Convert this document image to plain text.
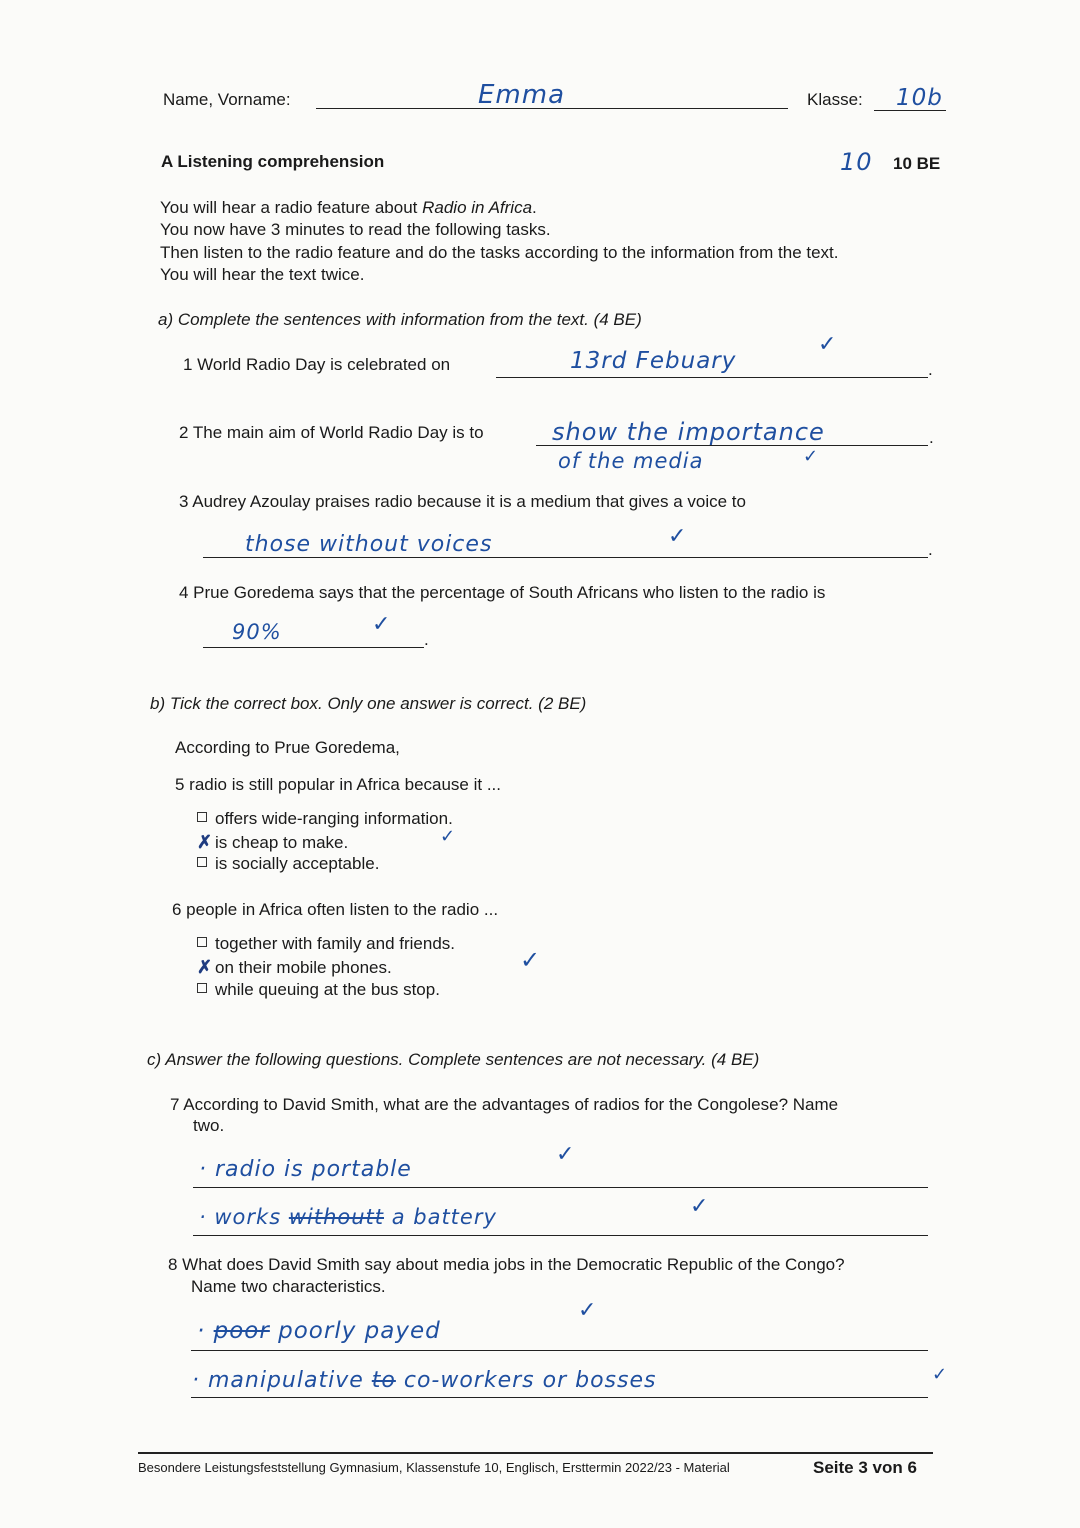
Name, Vorname:	Emma	Klasse: 10b
A Listening comprehension	10 10 BE
You will hear a radio feature about Radio in Africa.
You now have 3 minutes to read the following tasks.
Then listen to the radio feature and do the tasks according to the information from the text.
You will hear the text twice.
a) Complete the sentences with information from the text. (4 BE)
1 World Radio Day is celebrated on	13rd Febuary
✓
.
2 The main aim of World Radio Day is to	show the importance
of the media	✓
.
3 Audrey Azoulay praises radio because it is a medium that gives a voice to
those without voices	✓
.
4 Prue Goredema says that the percentage of South Africans who listen to the radio is
90%	✓
.
b) Tick the correct box. Only one answer is correct. (2 BE)
According to Prue Goredema,
5 radio is still popular in Africa because it ...
offers wide-ranging information.
✗ is cheap to make.
is socially acceptable.
✓
6 people in Africa often listen to the radio ...
together with family and friends.
✗ on their mobile phones.
while queuing at the bus stop.
✓
c) Answer the following questions. Complete sentences are not necessary. (4 BE)
7 According to David Smith, what are the advantages of radios for the Congolese? Name
two.
· radio is portable
✓
· works withoutt a battery	✓
8 What does David Smith say about media jobs in the Democratic Republic of the Congo?
Name two characteristics.
· poor poorly payed
✓
· manipulative to co-workers or bosses	✓
Besondere Leistungsfeststellung Gymnasium, Klassenstufe 10, Englisch, Ersttermin 2022/23 - Material	Seite 3 von 6
